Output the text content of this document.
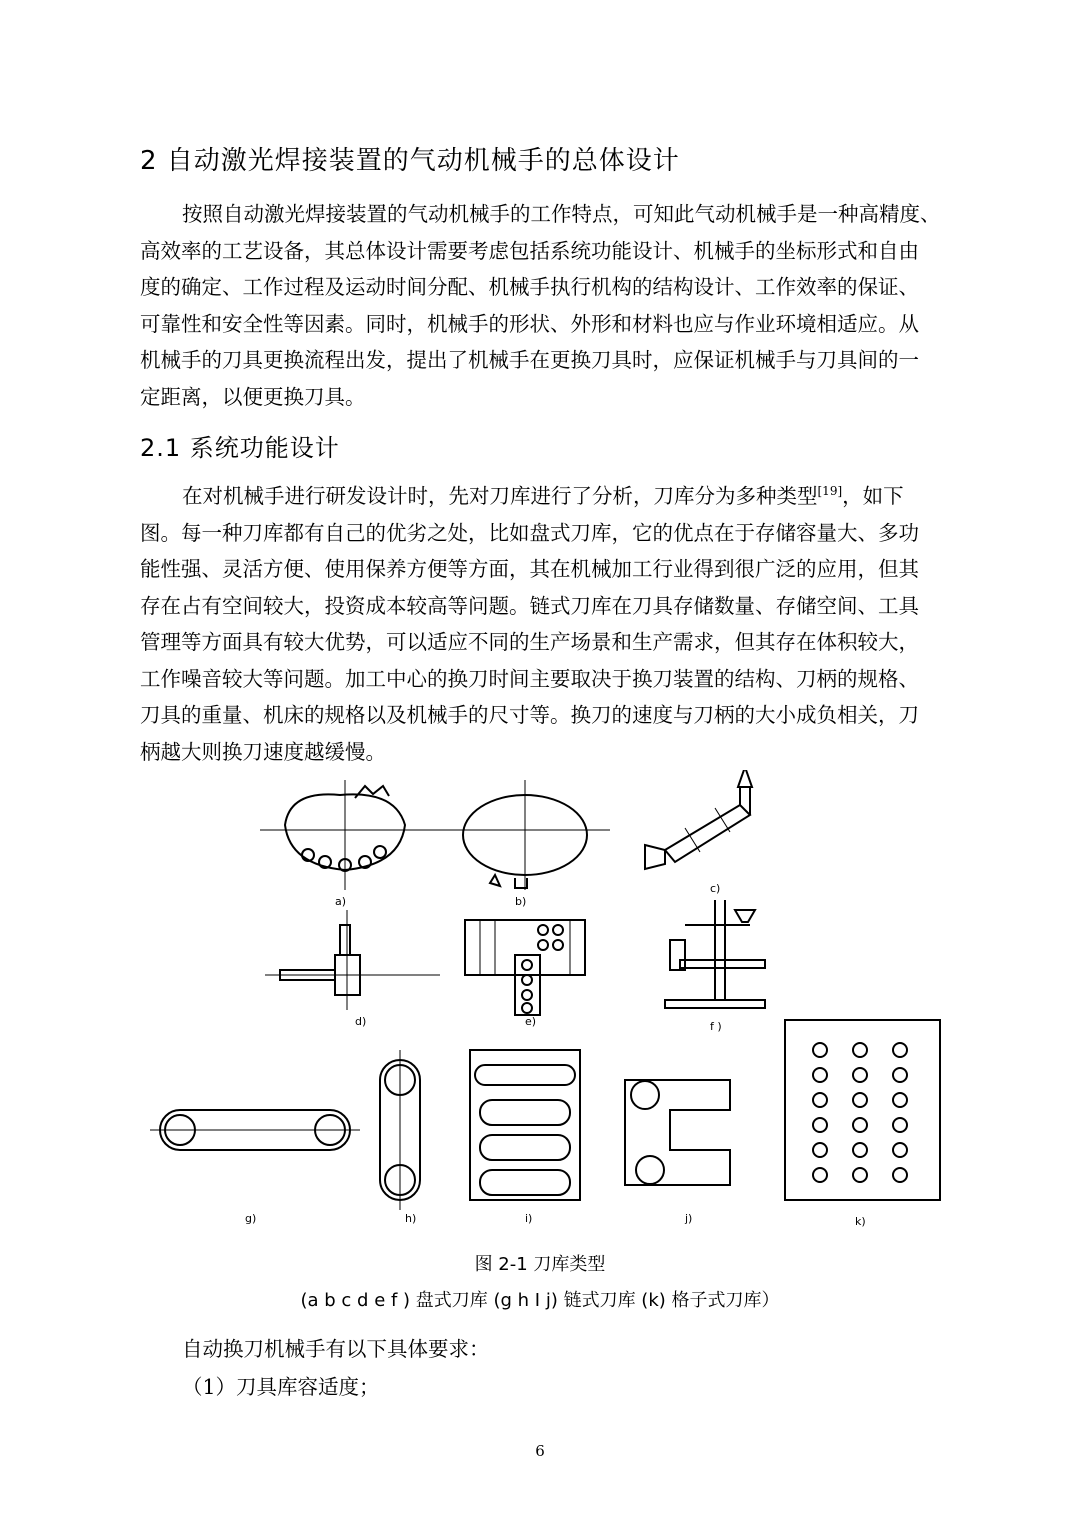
2 自动激光焊接装置的气动机械手的总体设计

按照自动激光焊接装置的气动机械手的工作特点，可知此气动机械手是一种高精度、

高效率的工艺设备，其总体设计需要考虑包括系统功能设计、机械手的坐标形式和自由

度的确定、工作过程及运动时间分配、机械手执行机构的结构设计、工作效率的保证、

可靠性和安全性等因素。同时，机械手的形状、外形和材料也应与作业环境相适应。从

机械手的刀具更换流程出发，提出了机械手在更换刀具时，应保证机械手与刀具间的一

定距离，以便更换刀具。

2.1 系统功能设计

在对机械手进行研发设计时，先对刀库进行了分析，刀库分为多种类型[19]，如下

图。每一种刀库都有自己的优劣之处，比如盘式刀库，它的优点在于存储容量大、多功

能性强、灵活方便、使用保养方便等方面，其在机械加工行业得到很广泛的应用，但其

存在占有空间较大，投资成本较高等问题。链式刀库在刀具存储数量、存储空间、工具

管理等方面具有较大优势，可以适应不同的生产场景和生产需求，但其存在体积较大，

工作噪音较大等问题。加工中心的换刀时间主要取决于换刀装置的结构、刀柄的规格、

刀具的重量、机床的规格以及机械手的尺寸等。换刀的速度与刀柄的大小成负相关，刀

柄越大则换刀速度越缓慢。

a)	b)
c)
d)	e)	f )
g)	h)	i)	j)	k)
图 2-1 刀库类型
(a b c d e f ) 盘式刀库 (g h I j) 链式刀库 (k) 格子式刀库）
自动换刀机械手有以下具体要求：
（1）刀具库容适度；
6
